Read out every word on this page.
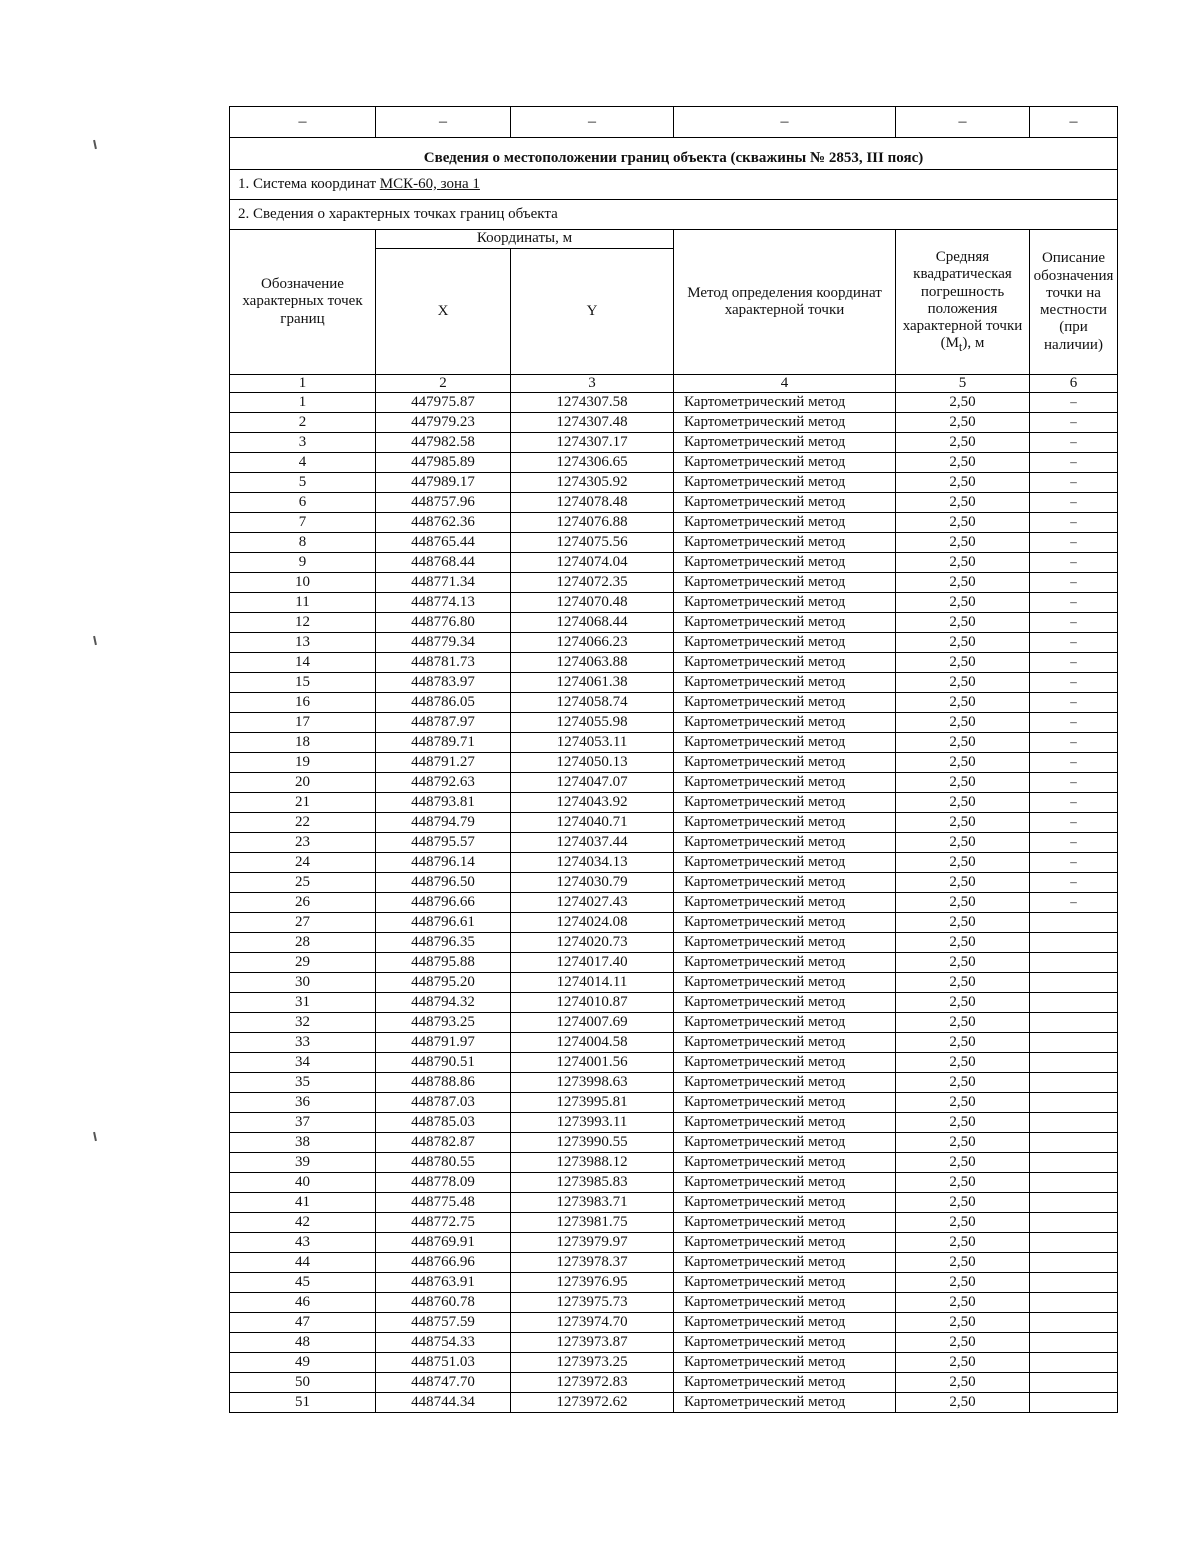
–	–	–	–	–	–
Сведения о местоположении границ объекта (скважины № 2853, III пояс)					
1. Система координат МСК-60, зона 1					
2. Сведения о характерных точках границ объекта					
Обозначение характерных точек границ	Координаты, м		Метод определения координат характерной точки	Средняя квадратическая погрешность положения характерной точки $(M_t)$, м	Описание обозначения точки на местности (при наличии)
	X	Y			
1	2	3	4	5	6
1	447975.87	1274307.58	Картометрический метод	2,50	–
2	447979.23	1274307.48	Картометрический метод	2,50	–
3	447982.58	1274307.17	Картометрический метод	2,50	–
4	447985.89	1274306.65	Картометрический метод	2,50	–
5	447989.17	1274305.92	Картометрический метод	2,50	–
6	448757.96	1274078.48	Картометрический метод	2,50	–
7	448762.36	1274076.88	Картометрический метод	2,50	–
8	448765.44	1274075.56	Картометрический метод	2,50	–
9	448768.44	1274074.04	Картометрический метод	2,50	–
10	448771.34	1274072.35	Картометрический метод	2,50	–
11	448774.13	1274070.48	Картометрический метод	2,50	–
12	448776.80	1274068.44	Картометрический метод	2,50	–
13	448779.34	1274066.23	Картометрический метод	2,50	–
14	448781.73	1274063.88	Картометрический метод	2,50	–
15	448783.97	1274061.38	Картометрический метод	2,50	–
16	448786.05	1274058.74	Картометрический метод	2,50	–
17	448787.97	1274055.98	Картометрический метод	2,50	–
18	448789.71	1274053.11	Картометрический метод	2,50	–
19	448791.27	1274050.13	Картометрический метод	2,50	–
20	448792.63	1274047.07	Картометрический метод	2,50	–
21	448793.81	1274043.92	Картометрический метод	2,50	–
22	448794.79	1274040.71	Картометрический метод	2,50	–
23	448795.57	1274037.44	Картометрический метод	2,50	–
24	448796.14	1274034.13	Картометрический метод	2,50	–
25	448796.50	1274030.79	Картометрический метод	2,50	–
26	448796.66	1274027.43	Картометрический метод	2,50	–
27	448796.61	1274024.08	Картометрический метод	2,50	
28	448796.35	1274020.73	Картометрический метод	2,50	
29	448795.88	1274017.40	Картометрический метод	2,50	
30	448795.20	1274014.11	Картометрический метод	2,50	
31	448794.32	1274010.87	Картометрический метод	2,50	
32	448793.25	1274007.69	Картометрический метод	2,50	
33	448791.97	1274004.58	Картометрический метод	2,50	
34	448790.51	1274001.56	Картометрический метод	2,50	
35	448788.86	1273998.63	Картометрический метод	2,50	
36	448787.03	1273995.81	Картометрический метод	2,50	
37	448785.03	1273993.11	Картометрический метод	2,50	
38	448782.87	1273990.55	Картометрический метод	2,50	
39	448780.55	1273988.12	Картометрический метод	2,50	
40	448778.09	1273985.83	Картометрический метод	2,50	
41	448775.48	1273983.71	Картометрический метод	2,50	
42	448772.75	1273981.75	Картометрический метод	2,50	
43	448769.91	1273979.97	Картометрический метод	2,50	
44	448766.96	1273978.37	Картометрический метод	2,50	
45	448763.91	1273976.95	Картометрический метод	2,50	
46	448760.78	1273975.73	Картометрический метод	2,50	
47	448757.59	1273974.70	Картометрический метод	2,50	
48	448754.33	1273973.87	Картометрический метод	2,50	
49	448751.03	1273973.25	Картометрический метод	2,50	
50	448747.70	1273972.83	Картометрический метод	2,50	
51	448744.34	1273972.62	Картометрический метод	2,50	
